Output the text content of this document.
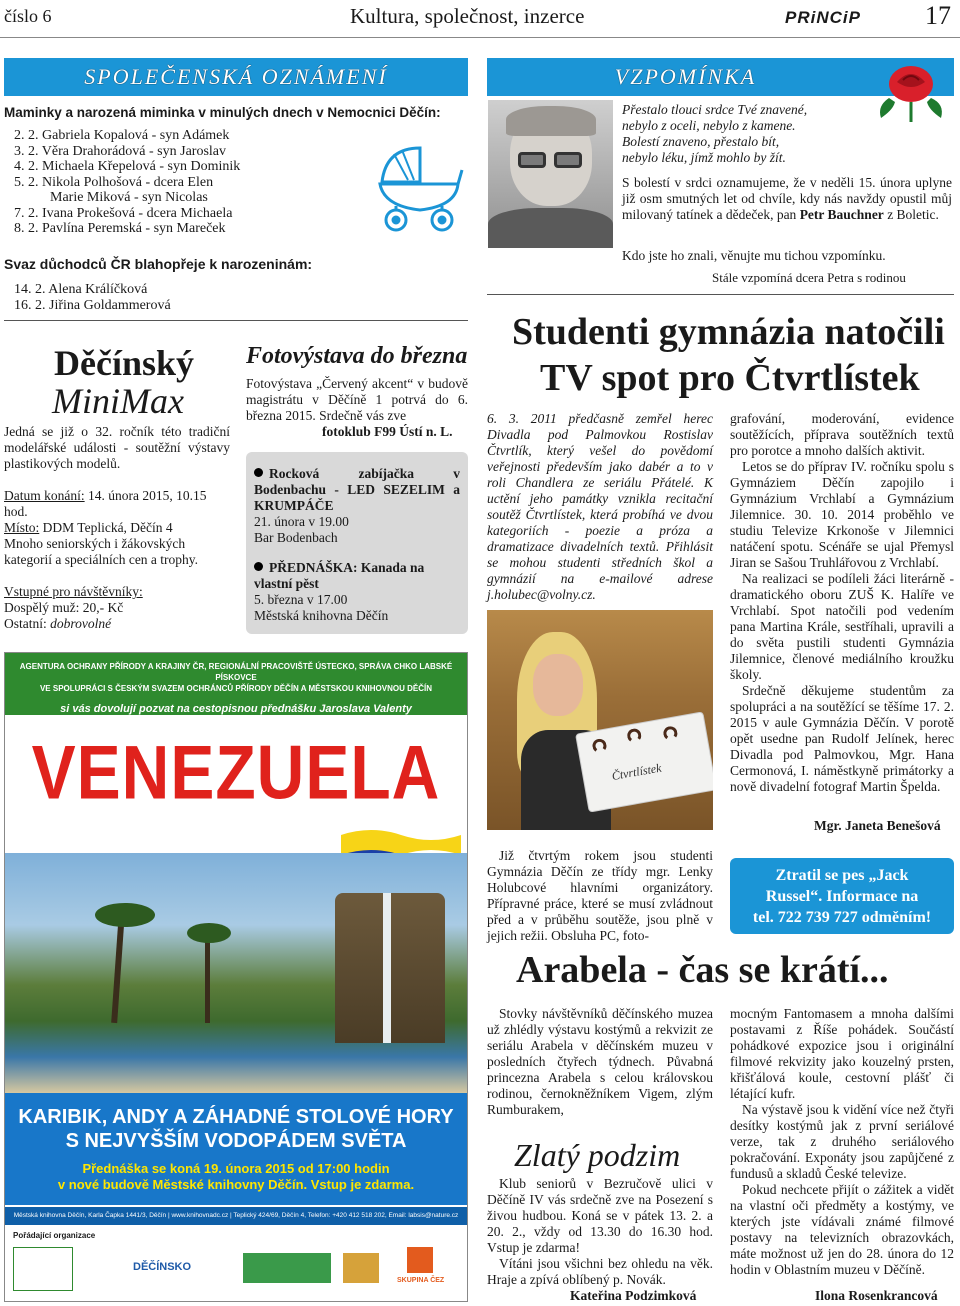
číslo 6	Kultura, společnost, inzerce	PRiNCiP 17
SPOLEČENSKÁ OZNÁMENÍ
Maminky a narozená miminka v minulých dnech v Nemocnici Děčín:
2. 2. Gabriela Kopalová - syn Adámek
3. 2. Věra Drahorádová - syn Jaroslav
4. 2. Michaela Křepelová - syn Dominik
5. 2. Nikola Polhošová - dcera Elen
Marie Miková - syn Nicolas
7. 2. Ivana Prokešová - dcera Michaela
8. 2. Pavlína Peremská - syn Mareček
Svaz důchodců ČR blahopřeje k narozeninám:
14. 2. Alena Králíčková
16. 2. Jiřina Goldammerová
VZPOMÍNKA
Přestalo tlouci srdce Tvé znavené,
nebylo z oceli, nebylo z kamene.
Bolestí znaveno, přestalo bít,
nebylo léku, jímž mohlo by žít.
S bolestí v srdci oznamujeme, že v neděli 15. února uplyne již osm smutných let od chvíle, kdy nás navždy opustil můj milovaný tatínek a dědeček, pan Petr Bauchner z Boletic.
Kdo jste ho znali, věnujte mu tichou vzpomínku.
Stále vzpomíná dcera Petra s rodinou
Děčínský
MiniMax
Jedná se již o 32. ročník této tradiční modelářské události - soutěžní výstavy plastikových modelů.
Datum konání: 14. února 2015, 10.15 hod.
Místo: DDM Teplická, Děčín 4
Mnoho seniorských i žákovských kategorií a speciálních cen a trophy.
Vstupné pro návštěvníky:
Dospělý muž: 20,- Kč
Ostatní: dobrovolné
Fotovýstava do března
Fotovýstava „Červený akcent“ v budově magistrátu v Děčíně 1 potrvá do 6. března 2015. Srdečně vás zve
fotoklub F99 Ústí n. L.
Rocková zabíjačka v Bodenbachu - LED SEZELIM a KRUMPÁČE
21. února v 19.00
Bar Bodenbach
PŘEDNÁŠKA: Kanada na vlastní pěst
5. března v 17.00
Městská knihovna Děčín
AGENTURA OCHRANY PŘÍRODY A KRAJINY ČR, REGIONÁLNÍ PRACOVIŠTĚ ÚSTECKO, SPRÁVA CHKO LABSKÉ PÍSKOVCE
VE SPOLUPRÁCI S ČESKÝM SVAZEM OCHRÁNCŮ PŘÍRODY DĚČÍN A MĚSTSKOU KNIHOVNOU DĚČÍN
si vás dovolují pozvat na cestopisnou přednášku Jaroslava Valenty
VENEZUELA
KARIBIK, ANDY A ZÁHADNÉ STOLOVÉ HORY
S NEJVYŠŠÍM VODOPÁDEM SVĚTA
Přednáška se koná 19. února 2015 od 17:00 hodin
v nové budově Městské knihovny Děčín. Vstup je zdarma.
Městská knihovna Děčín, Karla Čapka 1441/3, Děčín | www.knihovnadc.cz | Teplický 424/69, Děčín 4, Telefon: +420 412 518 202, Email: labsis@nature.cz
Pořádající organizace
DĚČÍNSKO
SKUPINA ČEZ
Studenti gymnázia natočili
TV spot pro Čtvrtlístek
6. 3. 2011 předčasně zemřel herec Divadla pod Palmovkou Rostislav Čtvrtlík, který vešel do povědomí veřejnosti především jako dabér a to v roli Chandlera ze seriálu Přátelé. K uctění jeho památky vznikla recitační soutěž Čtvrtlístek, která probíhá ve dvou kategoriích - poezie a próza a dramatizace divadelních textů. Přihlásit se mohou studenti středních škol a gymnázií na e-mailové adrese j.holubec@volny.cz.
Čtvrtlístek
Již čtvrtým rokem jsou studenti Gymnázia Děčín ze třídy mgr. Lenky Holubcové hlavními organizátory. Přípravné práce, které se musí zvládnout před a v průběhu soutěže, jsou plně v jejich režii. Obsluha PC, foto-

grafování, moderování, evidence soutěžících, příprava soutěžních textů pro porotce a mnoho dalších aktivit.

Letos se do příprav IV. ročníku spolu s Gymnáziem Děčín zapojilo i Gymnázium Vrchlabí a Gymnázium Jilemnice. 30. 10. 2014 proběhlo ve studiu Televize Krkonoše v Jilemnici natáčení spotu. Scénáře se ujal Přemysl Jiran se Sašou Truhlářovou z Vrchlabí.

Na realizaci se podíleli žáci literárně - dramatického oboru ZUŠ K. Halíře ve Vrchlabí. Spot natočili pod vedením pana Martina Krále, sestříhali, upravili a do světa pustili studenti Gymnázia Jilemnice, členové mediálního kroužku školy.

Srdečně děkujeme studentům za spolupráci a na soutěžící se těšíme 17. 2. 2015 v aule Gymnázia Děčín. V porotě opět usedne pan Rudolf Jelínek, herec Divadla pod Palmovkou, Mgr. Hana Cermonová, I. náměstkyně primátorky a nově divadelní fotograf Martin Špelda.

Mgr. Janeta Benešová
Ztratil se pes „Jack
Russel“. Informace na
tel. 722 739 727 odměním!
Arabela - čas se krátí...
Stovky návštěvníků děčínského muzea už zhlédly výstavu kostýmů a rekvizit ze seriálu Arabela v děčínském muzeu v posledních čtyřech týdnech. Půvabná princezna Arabela s celou královskou rodinou, černokněžníkem Vigem, zlým Rumburakem,

mocným Fantomasem a mnoha dalšími postavami z Říše pohádek. Součástí pohádkové expozice jsou i originální filmové rekvizity jako kouzelný prsten, křišťálová koule, cestovní plášť či létající kufr.

Na výstavě jsou k vidění více než čtyři desítky kostýmů jak z první seriálové verze, tak z druhého seriálového pokračování. Exponáty jsou zapůjčené z fundusů a skladů České televize.

Pokud nechcete přijít o zážitek a vidět na vlastní oči předměty a kostýmy, ve kterých jste vídávali známé filmové postavy na televizních obrazovkách, máte možnost už jen do 28. února do 12 hodin v Oblastním muzeu v Děčíně.

Ilona Rosenkrancová
Zlatý podzim

Klub seniorů v Bezručově ulici v Děčíně IV vás srdečně zve na Posezení s živou hudbou. Koná se v pátek 13. 2. a 20. 2., vždy od 13.30 do 16.30 hod. Vstup je zdarma!

Vítáni jsou všichni bez ohledu na věk. Hraje a zpívá oblíbený p. Novák.

Kateřina Podzimková
